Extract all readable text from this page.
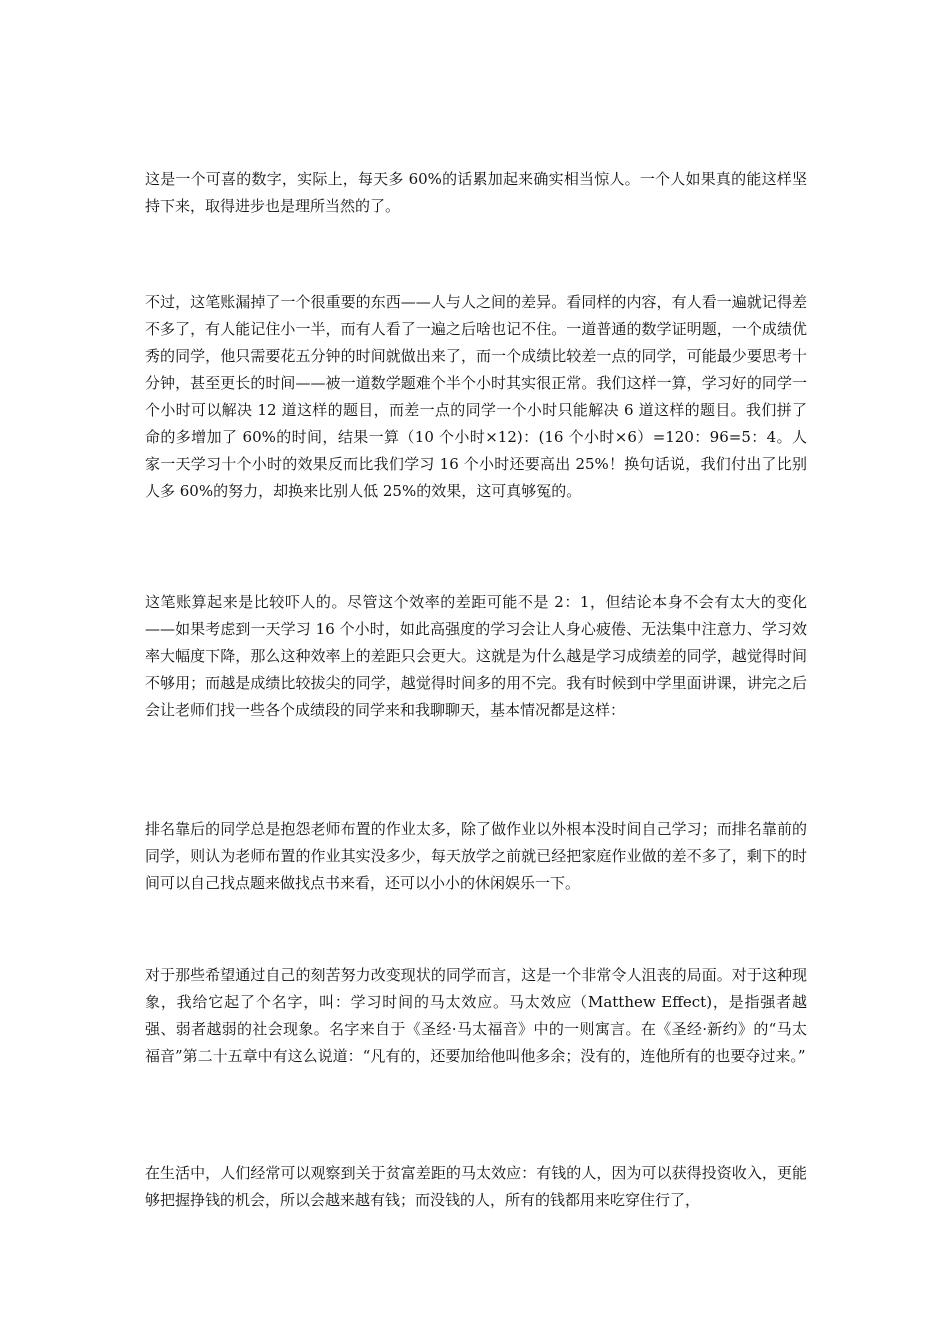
这是一个可喜的数字，实际上，每天多 60%的话累加起来确实相当惊人。一个人如果真的能这样坚持下来，取得进步也是理所当然的了。

不过，这笔账漏掉了一个很重要的东西——人与人之间的差异。看同样的内容，有人看一遍就记得差不多了，有人能记住小一半，而有人看了一遍之后啥也记不住。一道普通的数学证明题，一个成绩优秀的同学，他只需要花五分钟的时间就做出来了，而一个成绩比较差一点的同学，可能最少要思考十分钟，甚至更长的时间——被一道数学题难个半个小时其实很正常。我们这样一算，学习好的同学一个小时可以解决 12 道这样的题目，而差一点的同学一个小时只能解决 6 道这样的题目。我们拼了命的多增加了 60%的时间，结果一算（10 个小时×12)：(16 个小时×6）=120：96=5：4。人家一天学习十个小时的效果反而比我们学习 16 个小时还要高出 25%！换句话说，我们付出了比别人多 60%的努力，却换来比别人低 25%的效果，这可真够冤的。

这笔账算起来是比较吓人的。尽管这个效率的差距可能不是 2：1，但结论本身不会有太大的变化——如果考虑到一天学习 16 个小时，如此高强度的学习会让人身心疲倦、无法集中注意力、学习效率大幅度下降，那么这种效率上的差距只会更大。这就是为什么越是学习成绩差的同学，越觉得时间不够用；而越是成绩比较拔尖的同学，越觉得时间多的用不完。我有时候到中学里面讲课，讲完之后会让老师们找一些各个成绩段的同学来和我聊聊天，基本情况都是这样：

排名靠后的同学总是抱怨老师布置的作业太多，除了做作业以外根本没时间自己学习；而排名靠前的同学，则认为老师布置的作业其实没多少，每天放学之前就已经把家庭作业做的差不多了，剩下的时间可以自己找点题来做找点书来看，还可以小小的休闲娱乐一下。

对于那些希望通过自己的刻苦努力改变现状的同学而言，这是一个非常令人沮丧的局面。对于这种现象，我给它起了个名字，叫：学习时间的马太效应。马太效应（Matthew Effect)，是指强者越强、弱者越弱的社会现象。名字来自于《圣经·马太福音》中的一则寓言。在《圣经·新约》的“马太福音”第二十五章中有这么说道：“凡有的，还要加给他叫他多余；没有的，连他所有的也要夺过来。”

在生活中，人们经常可以观察到关于贫富差距的马太效应：有钱的人，因为可以获得投资收入，更能够把握挣钱的机会，所以会越来越有钱；而没钱的人，所有的钱都用来吃穿住行了，
